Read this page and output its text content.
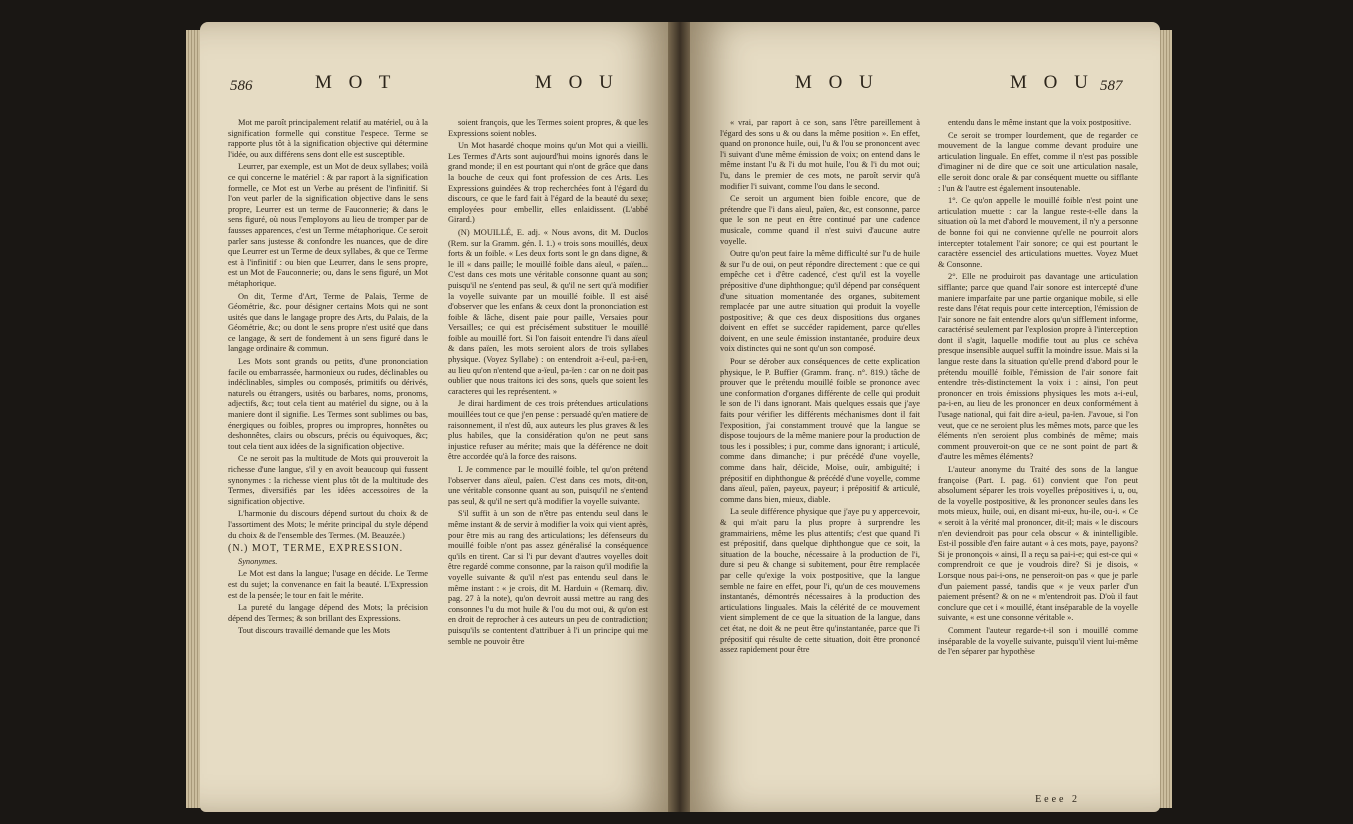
586	M O T	M O U

Mot me paroît principalement relatif au matériel, ou à la signification formelle qui constitue l'espece. Terme se rapporte plus tôt à la signification objective qui détermine l'idée, ou aux différens sens dont elle est susceptible.

Leurrer, par exemple, est un Mot de deux syllabes; voilà ce qui concerne le matériel : & par raport à la signification formelle, ce Mot est un Verbe au présent de l'infinitif. Si l'on veut parler de la signification objective dans le sens propre, Leurrer est un terme de Fauconnerie; & dans le sens figuré, où nous l'employons au lieu de tromper par de fausses apparences, c'est un Terme métaphorique. Ce seroit parler sans justesse & confondre les nuances, que de dire que Leurrer est un Terme de deux syllabes, & que ce Terme est à l'infinitif : ou bien que Leurrer, dans le sens propre, est un Mot de Fauconnerie; ou, dans le sens figuré, un Mot métaphorique.

On dit, Terme d'Art, Terme de Palais, Terme de Géométrie, &c. pour désigner certains Mots qui ne sont usités que dans le langage propre des Arts, du Palais, de la Géométrie, &c; ou dont le sens propre n'est usité que dans ce langage, & sert de fondement à un sens figuré dans le langage ordinaire & commun.

Les Mots sont grands ou petits, d'une prononciation facile ou embarrassée, harmonieux ou rudes, déclinables ou indéclinables, simples ou composés, primitifs ou dérivés, naturels ou étrangers, usités ou barbares, noms, pronoms, adjectifs, &c; tout cela tient au matériel du signe, ou à la maniere dont il signifie. Les Termes sont sublimes ou bas, énergiques ou foibles, propres ou impropres, honnêtes ou deshonnêtes, clairs ou obscurs, précis ou équivoques, &c; tout cela tient aux idées de la signification objective.

Ce ne seroit pas la multitude de Mots qui prouveroit la richesse d'une langue, s'il y en avoit beaucoup qui fussent synonymes : la richesse vient plus tôt de la multitude des Termes, diversifiés par les idées accessoires de la signification objective.

L'harmonie du discours dépend surtout du choix & de l'assortiment des Mots; le mérite principal du style dépend du choix & de l'ensemble des Termes. (M. Beauzée.)

(N.) MOT, TERME, EXPRESSION.

Synonymes.

Le Mot est dans la langue; l'usage en décide. Le Terme est du sujet; la convenance en fait la beauté. L'Expression est de la pensée; le tour en fait le mérite.

La pureté du langage dépend des Mots; la précision dépend des Termes; & son brillant des Expressions.

Tout discours travaillé demande que les Mots

soient françois, que les Termes soient propres, & que les Expressions soient nobles.

Un Mot hasardé choque moins qu'un Mot qui a vieilli. Les Termes d'Arts sont aujourd'hui moins ignorés dans le grand monde; il en est pourtant qui n'ont de grâce que dans la bouche de ceux qui font profession de ces Arts. Les Expressions guindées & trop recherchées font à l'égard du discours, ce que le fard fait à l'égard de la beauté du sexe; employées pour embellir, elles enlaidissent. (L'abbé Girard.)

(N) MOUILLÉ, E. adj. « Nous avons, dit M. Duclos (Rem. sur la Gramm. gén. I. 1.) « trois sons mouillés, deux forts & un foible. « Les deux forts sont le gn dans digne, & le ill « dans paille; le mouillé foible dans aïeul, « païen... C'est dans ces mots une véritable consonne quant au son; puisqu'il ne s'entend pas seul, & qu'il ne sert qu'à modifier la voyelle suivante par un mouillé foible. Il est aisé d'observer que les enfans & ceux dont la prononciation est foible & lâche, disent paie pour paille, Versaies pour Versailles; ce qui est précisément substituer le mouillé foible au mouillé fort. Si l'on faisoit entendre l'i dans aïeul & dans païen, les mots seroient alors de trois syllabes physique. (Voyez Syllabe) : on entendroit a-ï-eul, pa-ï-en, au lieu qu'on n'entend que a-ïeul, pa-ïen : car on ne doit pas oublier que nous traitons ici des sons, quels que soient les caracteres qui les représentent. »

Je dirai hardiment de ces trois prétendues articulations mouillées tout ce que j'en pense : persuadé qu'en matiere de raisonnement, il n'est dû, aux auteurs les plus graves & les plus habiles, que la considération qu'on ne peut sans injustice refuser au mérite; mais que la déférence ne doit être accordée qu'à la force des raisons.

I. Je commence par le mouillé foible, tel qu'on prétend l'observer dans aïeul, païen. C'est dans ces mots, dit-on, une véritable consonne quant au son, puisqu'il ne s'entend pas seul, & qu'il ne sert qu'à modifier la voyelle suivante.

S'il suffit à un son de n'être pas entendu seul dans le même instant & de servir à modifier la voix qui vient après, pour être mis au rang des articulations; les défenseurs du mouillé foible n'ont pas assez généralisé la conséquence qu'ils en tirent. Car si l'i pur devant d'autres voyelles doit être regardé comme consonne, par la raison qu'il modifie la voyelle suivante & qu'il n'est pas entendu seul dans le même instant : « je crois, dit M. Harduin « (Remarq. div. pag. 27 à la note), qu'on devroit aussi mettre au rang des consonnes l'u du mot huile & l'ou du mot oui, & qu'on est en droit de reprocher à ces auteurs un peu de contradiction; puisqu'ils se contentent d'attribuer à l'i un principe qui me semble ne pouvoir être

M O U	M O U 587

« vrai, par raport à ce son, sans l'être pareillement à l'égard des sons u & ou dans la même position ». En effet, quand on prononce huile, oui, l'u & l'ou se prononcent avec l'i suivant d'une même émission de voix; on entend dans le même instant l'u & l'i du mot huile, l'ou & l'i du mot oui; l'u, dans le premier de ces mots, ne paroît servir qu'à modifier l'i suivant, comme l'ou dans le second.

Ce seroit un argument bien foible encore, que de prétendre que l'i dans aïeul, païen, &c, est consonne, parce que le son ne peut en être continué par une cadence musicale, comme quand il n'est suivi d'aucune autre voyelle.

Outre qu'on peut faire la même difficulté sur l'u de huile & sur l'u de oui, on peut répondre directement : que ce qui empêche cet i d'être cadencé, c'est qu'il est la voyelle prépositive d'une diphthongue; qu'il dépend par conséquent d'une situation momentanée des organes, subitement remplacée par une autre situation qui produit la voyelle postpositive; & que ces deux dispositions dus organes doivent en effet se succéder rapidement, parce qu'elles doivent, en une seule émission instantanée, produire deux voix distinctes qui ne sont qu'un son composé.

Pour se dérober aux conséquences de cette explication physique, le P. Buffier (Gramm. franç. n°. 819.) tâche de prouver que le prétendu mouillé foible se prononce avec une conformation d'organes différente de celle qui produit le son de l'i dans ignorant. Mais quelques essais que j'aye faits pour vérifier les différents méchanismes dont il fait l'exposition, j'ai constamment trouvé que la langue se dispose toujours de la même maniere pour la production de tous les i possibles; i pur, comme dans ignorant; i articulé, comme dans dimanche; i pur précédé d'une voyelle, comme dans haïr, déicide, Moïse, ouïr, ambiguïté; i prépositif en diphthongue & précédé d'une voyelle, comme dans aïeul, païen, payeux, payeur; i prépositif & articulé, comme dans bien, mieux, diable.

La seule différence physique que j'aye pu y appercevoir, & qui m'ait paru la plus propre à surprendre les grammairiens, même les plus attentifs; c'est que quand l'i est prépositif, dans quelque diphthongue que ce soit, la situation de la bouche, nécessaire à la production de l'i, dure si peu & change si subitement, pour être remplacée par celle qu'exige la voix postpositive, que la langue semble ne faire en effet, pour l'i, qu'un de ces mouvemens instantanés, démontrés nécessaires à la production des articulations linguales. Mais la célérité de ce mouvement vient simplement de ce que la situation de la langue, dans cet état, ne doit & ne peut être qu'instantanée, parce que l'i prépositif qui résulte de cette situation, doit être prononcé assez rapidement pour être

entendu dans le même instant que la voix postpositive.

Ce seroit se tromper lourdement, que de regarder ce mouvement de la langue comme devant produire une articulation linguale. En effet, comme il n'est pas possible d'imaginer ni de dire que ce soit une articulation nasale, elle seroit donc orale & par conséquent muette ou sifflante : l'un & l'autre est également insoutenable.

1°. Ce qu'on appelle le mouillé foible n'est point une articulation muette : car la langue reste-t-elle dans la situation où la met d'abord le mouvement, il n'y a personne de bonne foi qui ne convienne qu'elle ne pourroit alors intercepter totalement l'air sonore; ce qui est pourtant le caractère essenciel des articulations muettes. Voyez Muet & Consonne.

2°. Elle ne produiroit pas davantage une articulation sifflante; parce que quand l'air sonore est intercepté d'une maniere imparfaite par une partie organique mobile, si elle reste dans l'état requis pour cette interception, l'émission de l'air sonore ne fait entendre alors qu'un sifflement informe, caractérisé seulement par l'explosion propre à l'interception dont il s'agit, laquelle modifie tout au plus ce schéva presque insensible auquel suffit la moindre issue. Mais si la langue reste dans la situation qu'elle prend d'abord pour le prétendu mouillé foible, l'émission de l'air sonore fait entendre très-distinctement la voix i : ainsi, l'on peut prononcer en trois émissions physiques les mots a-i-eul, pa-i-en, au lieu de les prononcer en deux conformément à l'usage national, qui fait dire a-ieul, pa-ïen. J'avoue, si l'on veut, que ce ne seroient plus les mêmes mots, parce que les éléments n'en seroient plus combinés de même; mais comment prouveroit-on que ce ne sont point de part & d'autre les mêmes éléments?

L'auteur anonyme du Traité des sons de la langue françoise (Part. I. pag. 61) convient que l'on peut absolument séparer les trois voyelles prépositives i, u, ou, de la voyelle postpositive, & les prononcer seules dans les mots mieux, huile, oui, en disant mi-eux, hu-ile, ou-i. « Ce « seroit à la vérité mal prononcer, dit-il; mais « le discours n'en deviendroit pas pour cela obscur « & inintelligible. Est-il possible d'en faire autant « à ces mots, paye, payons? Si je prononçois « ainsi, Il a reçu sa pai-i-e; qui est-ce qui « comprendroit ce que je voudrois dire? Si je disois, « Lorsque nous pai-i-ons, ne penseroit-on pas « que je parle d'un paiement passé, tandis que « je veux parler d'un paiement présent? & on ne « m'entendroit pas. D'où il faut conclure que cet i « mouillé, étant inséparable de la voyelle suivante, « est une consonne véritable ».

Comment l'auteur regarde-t-il son i mouillé comme inséparable de la voyelle suivante, puisqu'il vient lui-même de l'en séparer par hypothèse

Eeee 2
